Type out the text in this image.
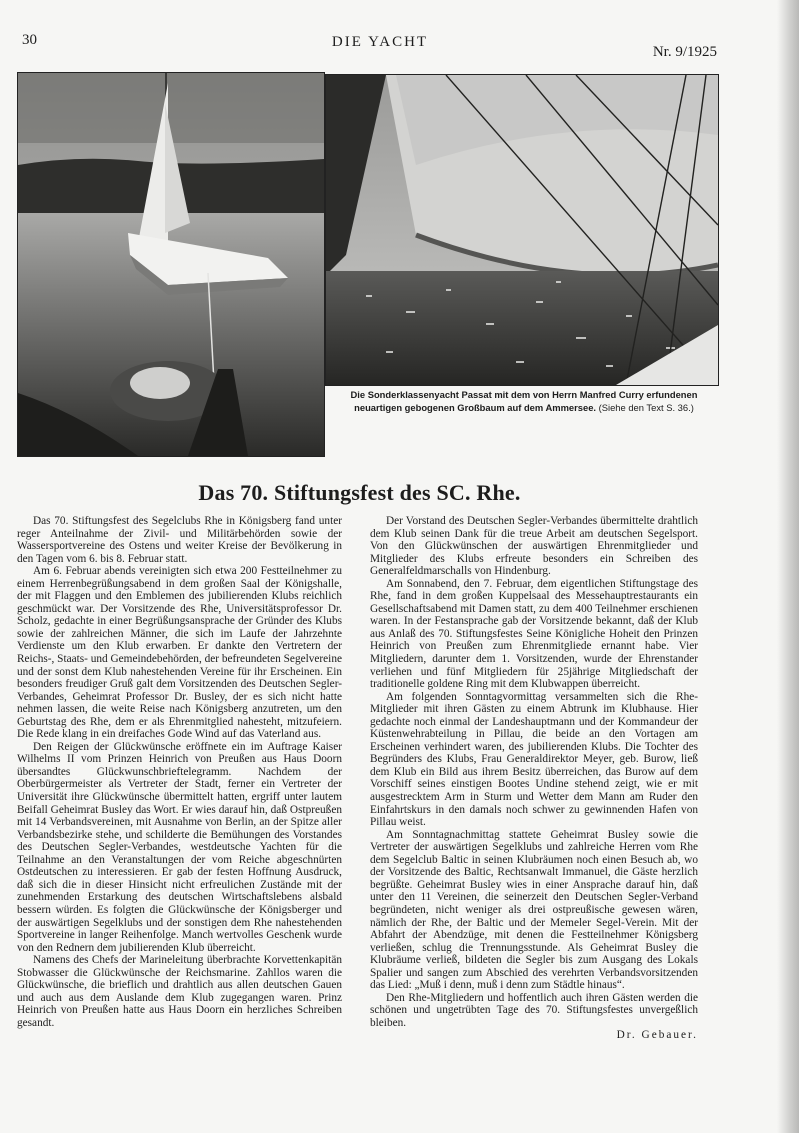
30	DIE YACHT
Nr. 9/1925
Die Sonderklassenyacht Passat mit dem von Herrn Manfred Curry erfundenen neuartigen gebogenen Großbaum auf dem Ammersee. (Siehe den Text S. 36.)
Das 70. Stiftungsfest des SC. Rhe.

Das 70. Stiftungsfest des Segelclubs Rhe in Königsberg fand unter reger Anteilnahme der Zivil- und Militärbehörden sowie der Wassersportvereine des Ostens und weiter Kreise der Bevölkerung in den Tagen vom 6. bis 8. Februar statt.

Am 6. Februar abends vereinigten sich etwa 200 Festteilnehmer zu einem Herrenbegrüßungsabend in dem großen Saal der Königshalle, der mit Flaggen und den Emblemen des jubilierenden Klubs reichlich geschmückt war. Der Vorsitzende des Rhe, Universitätsprofessor Dr. Scholz, gedachte in einer Begrüßungsansprache der Gründer des Klubs sowie der zahlreichen Männer, die sich im Laufe der Jahrzehnte Verdienste um den Klub erwarben. Er dankte den Vertretern der Reichs-, Staats- und Gemeindebehörden, der befreundeten Segelvereine und der sonst dem Klub nahestehenden Vereine für ihr Erscheinen. Ein besonders freudiger Gruß galt dem Vorsitzenden des Deutschen Segler-Verbandes, Geheimrat Professor Dr. Busley, der es sich nicht hatte nehmen lassen, die weite Reise nach Königsberg anzutreten, um den Geburtstag des Rhe, dem er als Ehrenmitglied nahesteht, mitzufeiern. Die Rede klang in ein dreifaches Gode Wind auf das Vaterland aus.

Den Reigen der Glückwünsche eröffnete ein im Auftrage Kaiser Wilhelms II vom Prinzen Heinrich von Preußen aus Haus Doorn übersandtes Glückwunschbrieftelegramm. Nachdem der Oberbürgermeister als Vertreter der Stadt, ferner ein Vertreter der Universität ihre Glückwünsche übermittelt hatten, ergriff unter lautem Beifall Geheimrat Busley das Wort. Er wies darauf hin, daß Ostpreußen mit 14 Verbandsvereinen, mit Ausnahme von Berlin, an der Spitze aller Verbandsbezirke stehe, und schilderte die Bemühungen des Vorstandes des Deutschen Segler-Verbandes, westdeutsche Yachten für die Teilnahme an den Veranstaltungen der vom Reiche abgeschnürten Ostdeutschen zu interessieren. Er gab der festen Hoffnung Ausdruck, daß sich die in dieser Hinsicht nicht erfreulichen Zustände mit der zunehmenden Erstarkung des deutschen Wirtschaftslebens alsbald bessern würden. Es folgten die Glückwünsche der Königsberger und der auswärtigen Segelklubs und der sonstigen dem Rhe nahestehenden Sportvereine in langer Reihenfolge. Manch wertvolles Geschenk wurde von den Rednern dem jubilierenden Klub überreicht.

Namens des Chefs der Marineleitung überbrachte Korvettenkapitän Stobwasser die Glückwünsche der Reichsmarine. Zahllos waren die Glückwünsche, die brieflich und drahtlich aus allen deutschen Gauen und auch aus dem Auslande dem Klub zugegangen waren. Prinz Heinrich von Preußen hatte aus Haus Doorn ein herzliches Schreiben gesandt.

Der Vorstand des Deutschen Segler-Verbandes übermittelte drahtlich dem Klub seinen Dank für die treue Arbeit am deutschen Segelsport. Von den Glückwünschen der auswärtigen Ehrenmitglieder und Mitglieder des Klubs erfreute besonders ein Schreiben des Generalfeldmarschalls von Hindenburg.

Am Sonnabend, den 7. Februar, dem eigentlichen Stiftungstage des Rhe, fand in dem großen Kuppelsaal des Messehauptrestaurants ein Gesellschaftsabend mit Damen statt, zu dem 400 Teilnehmer erschienen waren. In der Festansprache gab der Vorsitzende bekannt, daß der Klub aus Anlaß des 70. Stiftungsfestes Seine Königliche Hoheit den Prinzen Heinrich von Preußen zum Ehrenmitgliede ernannt habe. Vier Mitgliedern, darunter dem 1. Vorsitzenden, wurde der Ehrenstander verliehen und fünf Mitgliedern für 25jährige Mitgliedschaft der traditionelle goldene Ring mit dem Klubwappen überreicht.

Am folgenden Sonntagvormittag versammelten sich die Rhe-Mitglieder mit ihren Gästen zu einem Abtrunk im Klubhause. Hier gedachte noch einmal der Landeshauptmann und der Kommandeur der Küstenwehrabteilung in Pillau, die beide an den Vortagen am Erscheinen verhindert waren, des jubilierenden Klubs. Die Tochter des Begründers des Klubs, Frau Generaldirektor Meyer, geb. Burow, ließ dem Klub ein Bild aus ihrem Besitz überreichen, das Burow auf dem Vorschiff seines einstigen Bootes Undine stehend zeigt, wie er mit ausgestrecktem Arm in Sturm und Wetter dem Mann am Ruder den Einfahrtskurs in den damals noch schwer zu gewinnenden Hafen von Pillau weist.

Am Sonntagnachmittag stattete Geheimrat Busley sowie die Vertreter der auswärtigen Segelklubs und zahlreiche Herren vom Rhe dem Segelclub Baltic in seinen Klubräumen noch einen Besuch ab, wo der Vorsitzende des Baltic, Rechtsanwalt Immanuel, die Gäste herzlich begrüßte. Geheimrat Busley wies in einer Ansprache darauf hin, daß unter den 11 Vereinen, die seinerzeit den Deutschen Segler-Verband begründeten, nicht weniger als drei ostpreußische gewesen wären, nämlich der Rhe, der Baltic und der Memeler Segel-Verein. Mit der Abfahrt der Abendzüge, mit denen die Festteilnehmer Königsberg verließen, schlug die Trennungsstunde. Als Geheimrat Busley die Klubräume verließ, bildeten die Segler bis zum Ausgang des Lokals Spalier und sangen zum Abschied des verehrten Verbandsvorsitzenden das Lied: „Muß i denn, muß i denn zum Städtle hinaus“.

Den Rhe-Mitgliedern und hoffentlich auch ihren Gästen werden die schönen und ungetrübten Tage des 70. Stiftungsfestes unvergeßlich bleiben.

Dr. Gebauer.
